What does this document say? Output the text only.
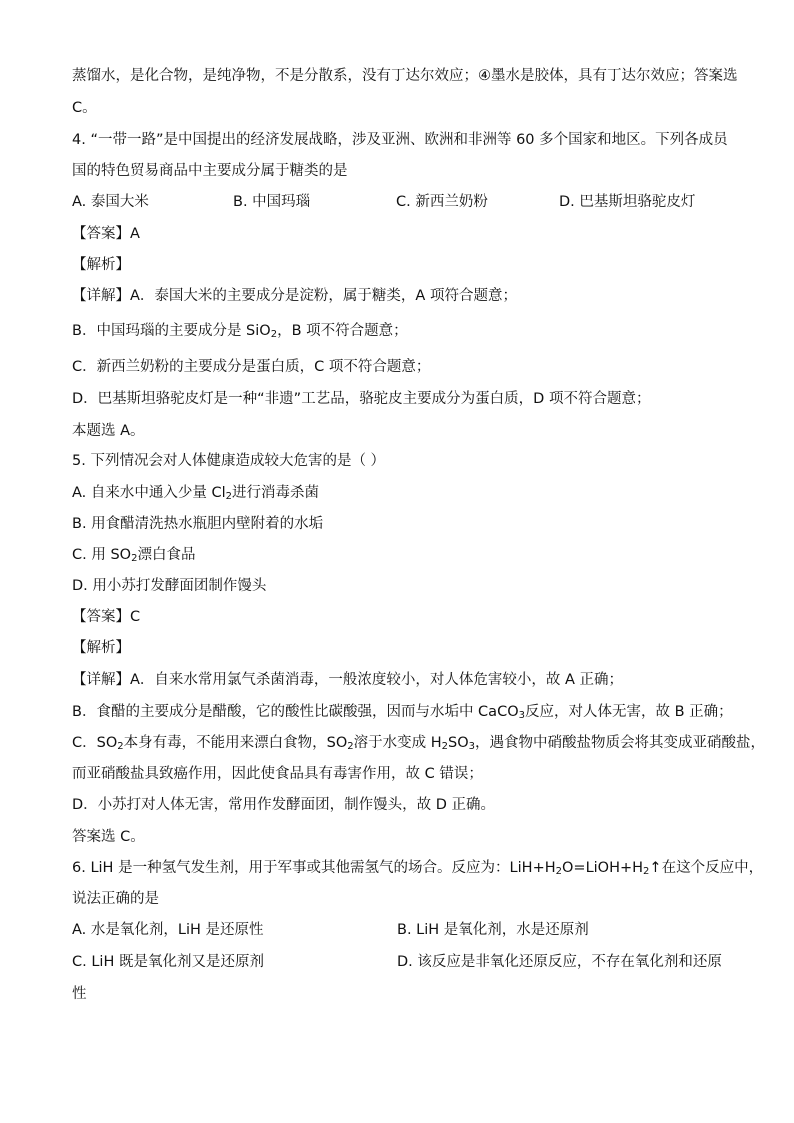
蒸馏水，是化合物，是纯净物，不是分散系，没有丁达尔效应；④墨水是胶体，具有丁达尔效应；答案选
C。
4. “一带一路”是中国提出的经济发展战略，涉及亚洲、欧洲和非洲等 60 多个国家和地区。下列各成员
国的特色贸易商品中主要成分属于糖类的是
A. 泰国大米	B. 中国玛瑙	C. 新西兰奶粉	D. 巴基斯坦骆驼皮灯
【答案】A
【解析】
【详解】A．泰国大米的主要成分是淀粉，属于糖类，A 项符合题意；
B．中国玛瑙的主要成分是 SiO$_2$，B 项不符合题意；
C．新西兰奶粉的主要成分是蛋白质，C 项不符合题意；
D．巴基斯坦骆驼皮灯是一种“非遗”工艺品，骆驼皮主要成分为蛋白质，D 项不符合题意；
本题选 A。
5. 下列情况会对人体健康造成较大危害的是（ ）
A. 自来水中通入少量 $Cl_2$进行消毒杀菌
B. 用食醋清洗热水瓶胆内壁附着的水垢
C. 用 $SO_2$漂白食品
D. 用小苏打发酵面团制作馒头
【答案】C
【解析】
【详解】A．自来水常用氯气杀菌消毒，一般浓度较小，对人体危害较小，故 A 正确；
B．食醋的主要成分是醋酸，它的酸性比碳酸强，因而与水垢中 CaCO$_3$反应，对人体无害，故 B 正确；
C．$SO_2$本身有毒，不能用来漂白食物，$SO_2$溶于水变成 $H_2SO_3$，遇食物中硝酸盐物质会将其变成亚硝酸盐，
而亚硝酸盐具致癌作用，因此使食品具有毒害作用，故 C 错误；
D．小苏打对人体无害，常用作发酵面团，制作馒头，故 D 正确。
答案选 C。
6. LiH 是一种氢气发生剂，用于军事或其他需氢气的场合。反应为：$LiH+H_2O=LiOH+H_2↑$在这个反应中，
说法正确的是
A. 水是氧化剂，LiH 是还原性	B. LiH 是氧化剂，水是还原剂
C. LiH 既是氧化剂又是还原剂	D. 该反应是非氧化还原反应，不存在氧化剂和还原
性
